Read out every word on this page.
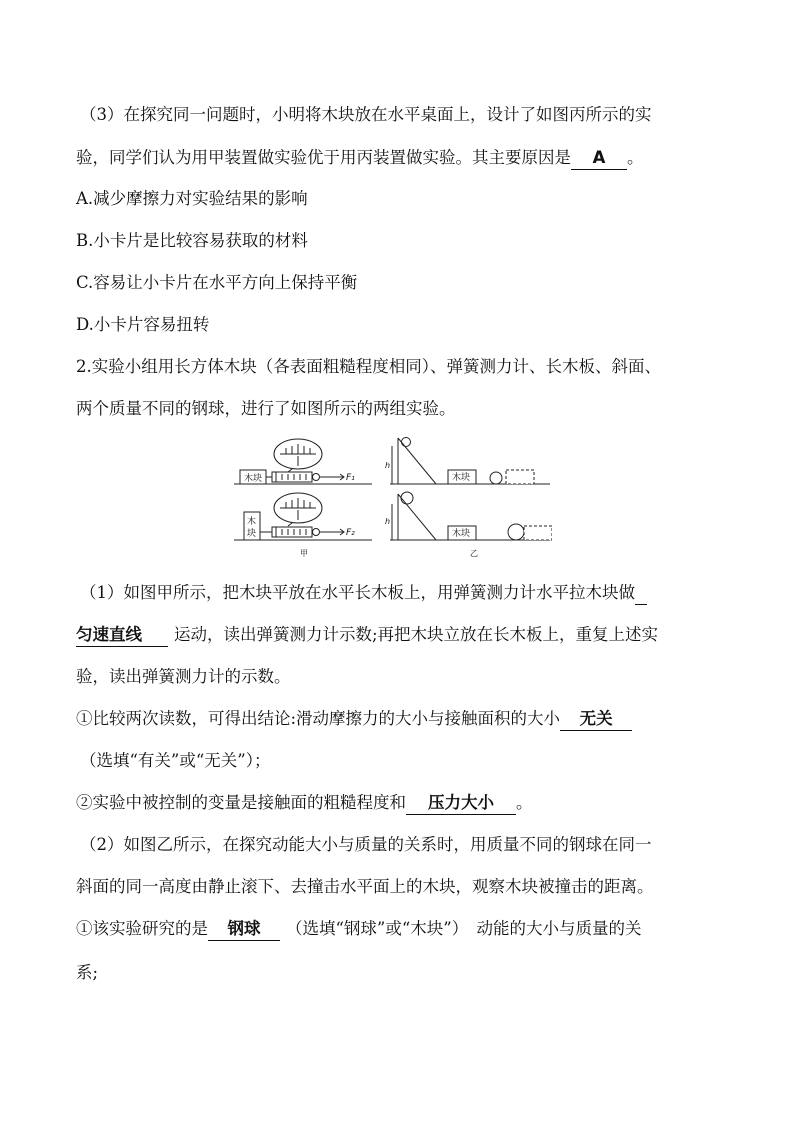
（3）在探究同一问题时，小明将木块放在水平桌面上，设计了如图丙所示的实
验，同学们认为用甲装置做实验优于用丙装置做实验。其主要原因是 A 。
A.减少摩擦力对实验结果的影响
B.小卡片是比较容易获取的材料
C.容易让小卡片在水平方向上保持平衡
D.小卡片容易扭转
2.实验小组用长方体木块（各表面粗糙程度相同）、弹簧测力计、长木板、斜面、
两个质量不同的钢球，进行了如图所示的两组实验。
木块
木
块
F₁
F₂
h
h
木块
木块
甲	乙
（1）如图甲所示，把木块平放在水平长木板上，用弹簧测力计水平拉木块做
匀速直线 运动，读出弹簧测力计示数;再把木块立放在长木板上，重复上述实
验，读出弹簧测力计的示数。
①比较两次读数，可得出结论:滑动摩擦力的大小与接触面积的大小 无关
（选填“有关”或“无关”）；
②实验中被控制的变量是接触面的粗糙程度和 压力大小 。
（2）如图乙所示，在探究动能大小与质量的关系时，用质量不同的钢球在同一
斜面的同一高度由静止滚下、去撞击水平面上的木块，观察木块被撞击的距离。
①该实验研究的是 钢球 （选填“钢球”或“木块”）　动能的大小与质量的关
系;
